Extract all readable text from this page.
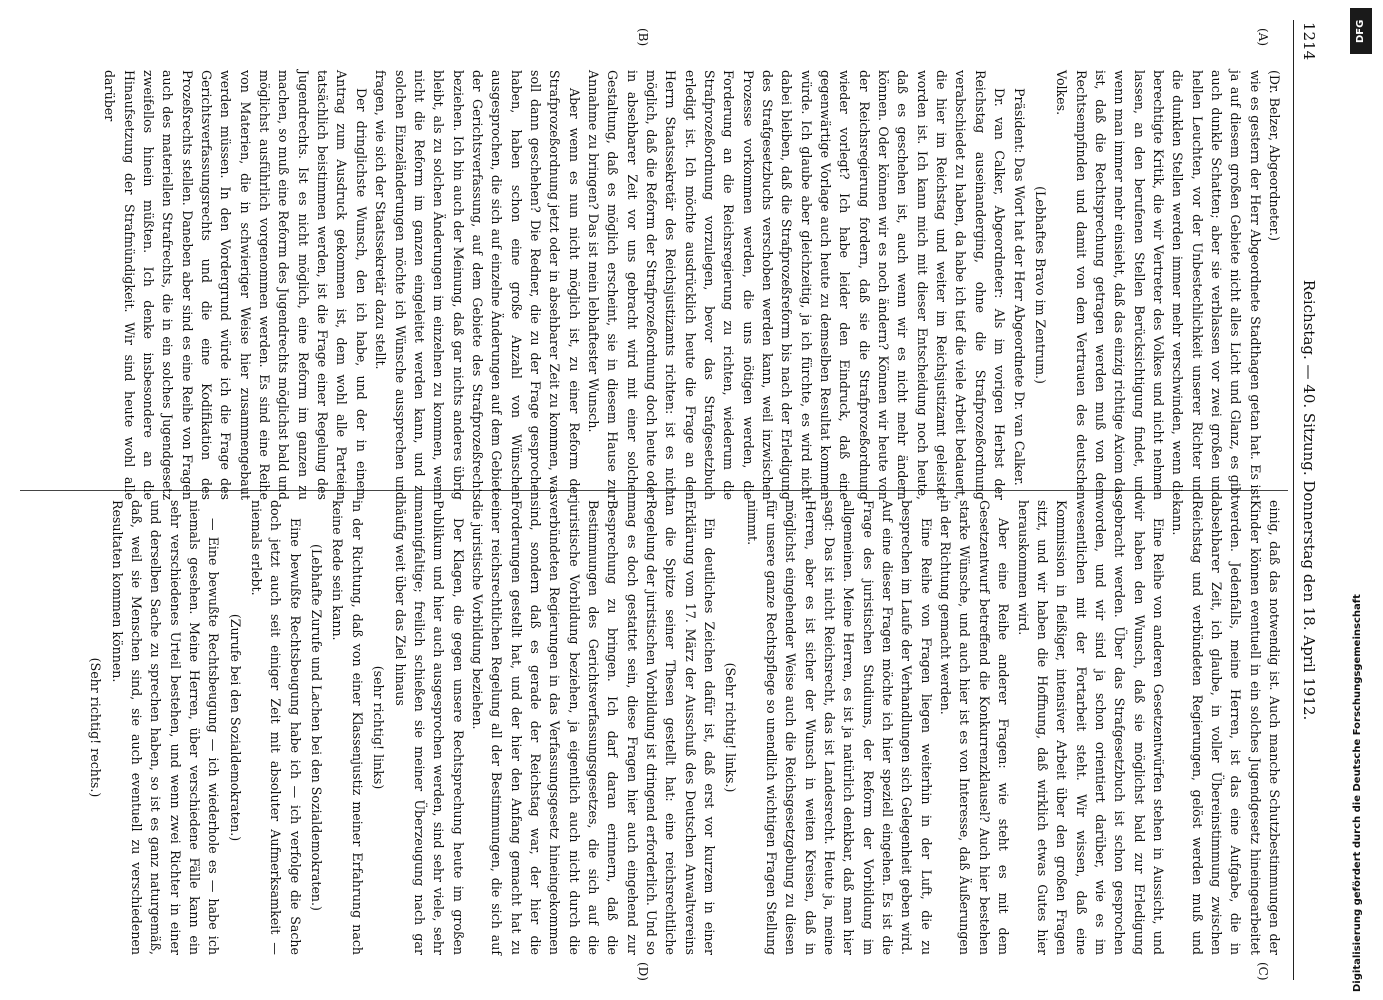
1214
Reichstag. — 40. Sitzung. Donnerstag den 18. April 1912.
(A)
(B)
(C)
(D)

(Dr. Belzer, Abgeordneter.)

wie es gestern der Herr Abgeordnete Stadthagen getan hat. Es ist ja auf diesem großen Gebiete nicht alles Licht und Glanz, es gibt auch dunkle Schatten; aber sie verblassen vor zwei großen und hellen Leuchten, vor der Unbestechlichkeit unserer Richter und die dunklen Stellen werden immer mehr verschwinden, wenn die berechtigte Kritik, die wir Vertreter des Volkes und nicht nehmen lassen, an den berufenen Stellen Berücksichtigung findet, und wenn man immer mehr einsieht, daß das einzig richtige Axiom das ist, daß die Rechtsprechung getragen werden muß von dem Rechtsempfinden und damit von dem Vertrauen des deutschen Volkes.

(Lebhaftes Bravo im Zentrum.)

Präsident: Das Wort hat der Herr Abgeordnete Dr. van Calker.

Dr. van Calker, Abgeordneter: Als im vorigen Herbst der Reichstag auseinanderging, ohne die Strafprozeßordnung verabschiedet zu haben, da habe ich tief die viele Arbeit bedauert, die hier im Reichstag und weiter im Reichsjustizamt geleistet worden ist. Ich kann mich mit dieser Entscheidung noch heute, daß es geschehen ist, auch wenn wir es nicht mehr ändern können. Oder können wir es noch ändern? Können wir heute von der Reichsregierung fordern, daß sie die Strafprozeßordnung wieder vorlegt? Ich habe leider den Eindruck, daß eine gegenwärtige Vorlage auch heute zu demselben Resultat kommen würde. Ich glaube aber gleichzeitig, ja ich fürchte, es wird nicht dabei bleiben, daß die Strafprozeßreform bis nach der Erledigung des Strafgesetzbuchs verschoben werden kann, weil inzwischen Prozesse vorkommen werden, die uns nötigen werden, die Forderung an die Reichsregierung zu richten, wiederum die Strafprozeßordnung vorzulegen, bevor das Strafgesetzbuch erledigt ist. Ich möchte ausdrücklich heute die Frage an den Herrn Staatssekretär des Reichsjustizamts richten: ist es nicht möglich, daß die Reform der Strafprozeßordnung doch heute oder in absehbarer Zeit vor uns gebracht wird mit einer solchen Gestaltung, daß es möglich erscheint, sie in diesem Hause zur Annahme zu bringen? Das ist mein lebhaftester Wunsch.

Aber wenn es nun nicht möglich ist, zu einer Reform der Strafprozeßordnung jetzt oder in absehbarer Zeit zu kommen, was soll dann geschehen? Die Redner, die zu der Frage gesprochen haben, haben schon eine große Anzahl von Wünschen ausgesprochen, die sich auf einzelne Änderungen auf dem Gebiete der Gerichtsverfassung, auf dem Gebiete des Strafprozeßrechts beziehen. Ich bin auch der Meinung, daß gar nichts anderes übrig bleibt, als zu solchen Änderungen im einzelnen zu kommen, wenn nicht die Reform im ganzen eingeleitet werden kann, und zu solchen Einzeländerungen möchte ich Wünsche aussprechen und fragen, wie sich der Staatssekretär dazu stellt.

Der dringlichste Wunsch, den ich habe, und der in einem Antrag zum Ausdruck gekommen ist, dem wohl alle Parteien tatsächlich beistimmen werden, ist die Frage einer Regelung des Jugendrechts. Ist es nicht möglich, eine Reform im ganzen zu machen, so muß eine Reform des Jugendrechts möglichst bald und möglichst ausführlich vorgenommen werden. Es sind eine Reihe von Materien, die in schwieriger Weise hier zusammengebaut werden müssen. In den Vordergrund würde ich die Frage des Gerichtsverfassungsrechts und die eine Kodifikation des Prozeßrechts stellen. Daneben aber sind es eine Reihe von Fragen auch des materiellen Strafrechts, die in ein solches Jugendgesetz zweifellos hinein müßten. Ich denke insbesondere an die Hinaufsetzung der Strafmündigkeit. Wir sind heute wohl alle darüber

einig, daß das notwendig ist. Auch manche Schutzbestimmungen der Kinder können eventuell in ein solches Jugendgesetz hineingearbeitet werden. Jedenfalls, meine Herren, ist das eine Aufgabe, die in absehbarer Zeit, ich glaube, in voller Übereinstimmung zwischen Reichstag und verbündeten Regierungen, gelöst werden muß und kann.

Eine Reihe von anderen Gesetzentwürfen stehen in Aussicht, und wir haben den Wunsch, daß sie möglichst bald zur Erledigung gebracht werden. Über das Strafgesetzbuch ist schon gesprochen worden, und wir sind ja schon orientiert darüber, wie es im wesentlichen mit der Fortarbeit steht. Wir wissen, daß eine Kommission in fleißiger, intensiver Arbeit über den großen Fragen sitzt, und wir haben die Hoffnung, daß wirklich etwas Gutes hier herauskommen wird.

Aber eine Reihe anderer Fragen: wie steht es mit dem Gesetzentwurf betreffend die Konkurrenzklausel? Auch hier bestehen starke Wünsche, und auch hier ist es von Interesse, daß Äußerungen in der Richtung gemacht werden.

Eine Reihe von Fragen liegen weiterhin in der Luft, die zu besprechen im Laufe der Verhandlungen sich Gelegenheit geben wird. Auf eine dieser Fragen möchte ich hier speziell eingehen. Es ist die Frage des juristischen Studiums, der Reform der Vorbildung im allgemeinen. Meine Herren, es ist ja natürlich denkbar, daß man hier sagt: Das ist nicht Reichsrecht, das ist Landesrecht. Heute ja, meine Herren, aber es ist sicher der Wunsch in weiten Kreisen, daß in möglichst eingehender Weise auch die Reichsgesetzgebung zu diesen für unsere ganze Rechtspflege so unendlich wichtigen Fragen Stellung nimmt.

(Sehr richtig! links.)

Ein deutliches Zeichen dafür ist, daß erst vor kurzem in einer Erklärung vom 17. März der Ausschuß des Deutschen Anwaltvereins an die Spitze seiner Thesen gestellt hat: eine reichsrechtliche Regelung der juristischen Vorbildung ist dringend erforderlich. Und so mag es doch gestattet sein, diese Fragen hier auch eingehend zur Besprechung zu bringen. Ich darf daran erinnern, daß die Bestimmungen des Gerichtsverfassungsgesetzes, die sich auf die juristische Vorbildung beziehen, ja eigentlich auch nicht durch die verbündeten Regierungen in das Verfassungsgesetz hineingekommen sind, sondern daß es gerade der Reichstag war, der hier die Forderungen gestellt hat, und der hier den Anfang gemacht hat zu einer reichsrechtlichen Regelung all der Bestimmungen, die sich auf die juristische Vorbildung beziehen.

Der Klagen, die gegen unsere Rechtsprechung heute im großen Publikum und hier auch ausgesprochen werden, sind sehr viele, sehr mannigfaltige; freilich schießen sie meiner Überzeugung nach gar häufig weit über das Ziel hinaus

(sehr richtig! links)

in der Richtung, daß von einer Klassenjustiz meiner Erfahrung nach keine Rede sein kann.

(Lebhafte Zurufe und Lachen bei den Sozialdemokraten.)

Eine bewußte Rechtsbeugung habe ich — ich verfolge die Sache doch jetzt auch seit einiger Zeit mit absoluter Aufmerksamkeit — niemals erlebt.

(Zurufe bei den Sozialdemokraten.)

— Eine bewußte Rechtsbeugung — ich wiederhole es — habe ich niemals gesehen. Meine Herren, über verschiedene Fälle kann ein sehr verschiedenes Urteil bestehen, und wenn zwei Richter in einer und derselben Sache zu sprechen haben, so ist es ganz naturgemäß, daß, weil sie Menschen sind, sie auch eventuell zu verschiedenen Resultaten kommen können.

(Sehr richtig! rechts.)

DFG
Digitalisierung gefördert durch die Deutsche Forschungsgemeinschaft
